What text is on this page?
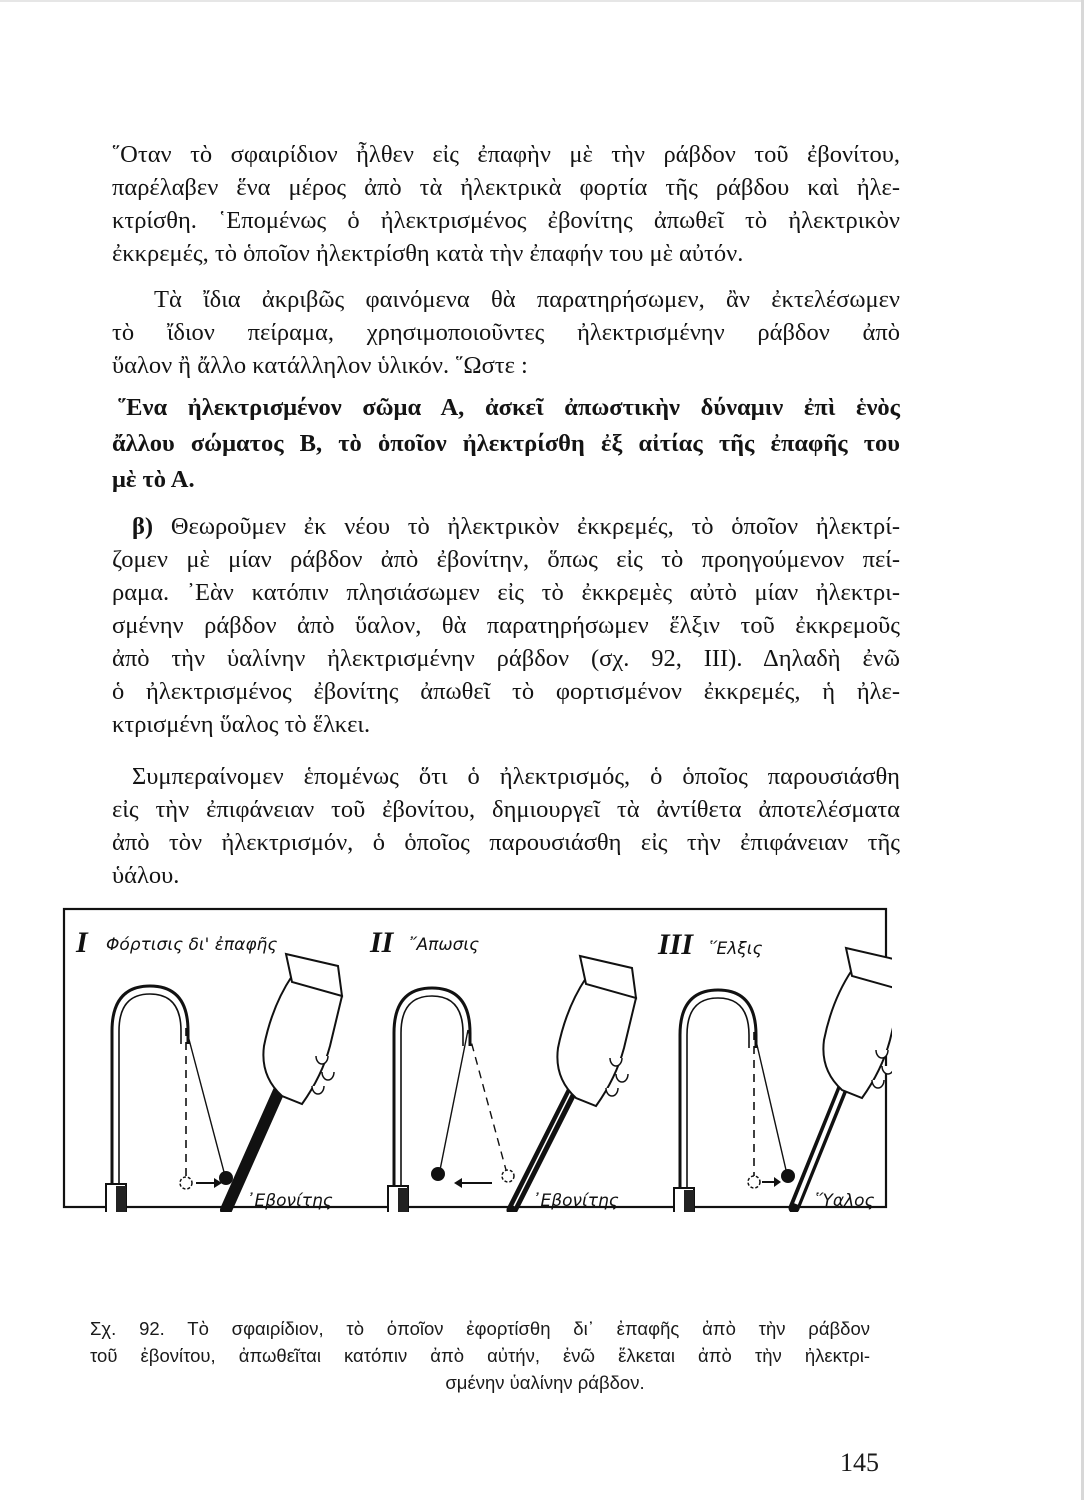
῞Οταν τὸ σφαιρίδιον ἦλθεν εἰς ἐπαφὴν μὲ τὴν ράβδον τοῦ ἐβονίτου,
παρέλαβεν ἕνα μέρος ἀπὸ τὰ ἠλεκτρικὰ φορτία τῆς ράβδου καὶ ἠλε-
κτρίσθη. ῾Επομένως ὁ ἠλεκτρισμένος ἐβονίτης ἀπωθεῖ τὸ ἠλεκτρικὸν
ἐκκρεμές, τὸ ὁποῖον ἠλεκτρίσθη κατὰ τὴν ἐπαφήν του μὲ αὐτόν.
Τὰ ἴδια ἀκριβῶς φαινόμενα θὰ παρατηρήσωμεν, ἂν ἐκτελέσωμεν
τὸ ἴδιον πείραμα, χρησιμοποιοῦντες ἠλεκτρισμένην ράβδον ἀπὸ
ὕαλον ἢ ἄλλο κατάλληλον ὑλικόν. ῞Ωστε :
῞Ενα ἠλεκτρισμένον σῶμα Α, ἀσκεῖ ἀπωστικὴν δύναμιν ἐπὶ ἑνὸς
ἄλλου σώματος Β, τὸ ὁποῖον ἠλεκτρίσθη ἐξ αἰτίας τῆς ἐπαφῆς του
μὲ τὸ Α.
β) Θεωροῦμεν ἐκ νέου τὸ ἠλεκτρικὸν ἐκκρεμές, τὸ ὁποῖον ἠλεκτρί-
ζομεν μὲ μίαν ράβδον ἀπὸ ἐβονίτην, ὅπως εἰς τὸ προηγούμενον πεί-
ραμα. ᾿Εὰν κατόπιν πλησιάσωμεν εἰς τὸ ἐκκρεμὲς αὐτὸ μίαν ἠλεκτρι-
σμένην ράβδον ἀπὸ ὕαλον, θὰ παρατηρήσωμεν ἕλξιν τοῦ ἐκκρεμοῦς
ἀπὸ τὴν ὑαλίνην ἠλεκτρισμένην ράβδον (σχ. 92, III). Δηλαδὴ ἐνῶ
ὁ ἠλεκτρισμένος ἐβονίτης ἀπωθεῖ τὸ φορτισμένον ἐκκρεμές, ἡ ἠλε-
κτρισμένη ὕαλος τὸ ἕλκει.
Συμπεραίνομεν ἑπομένως ὅτι ὁ ἠλεκτρισμός, ὁ ὁποῖος παρουσιάσθη
εἰς τὴν ἐπιφάνειαν τοῦ ἐβονίτου, δημιουργεῖ τὰ ἀντίθετα ἀποτελέσματα
ἀπὸ τὸν ἠλεκτρισμόν, ὁ ὁποῖος παρουσιάσθη εἰς τὴν ἐπιφάνειαν τῆς
ὑάλου.
I Φόρτισις δι' ἐπαφῆς
᾿Εβονίτης
II ῎Απωσις
᾿Εβονίτης
III ῞Ελξις
῞Υαλος
Σχ. 92. Τὸ σφαιρίδιον, τὸ ὁποῖον ἐφορτίσθη δι᾿ ἐπαφῆς ἀπὸ τὴν ράβδον
τοῦ ἐβονίτου, ἀπωθεῖται κατόπιν ἀπὸ αὐτήν, ἐνῶ ἕλκεται ἀπὸ τὴν ἠλεκτρι-
σμένην ὑαλίνην ράβδον.
145
